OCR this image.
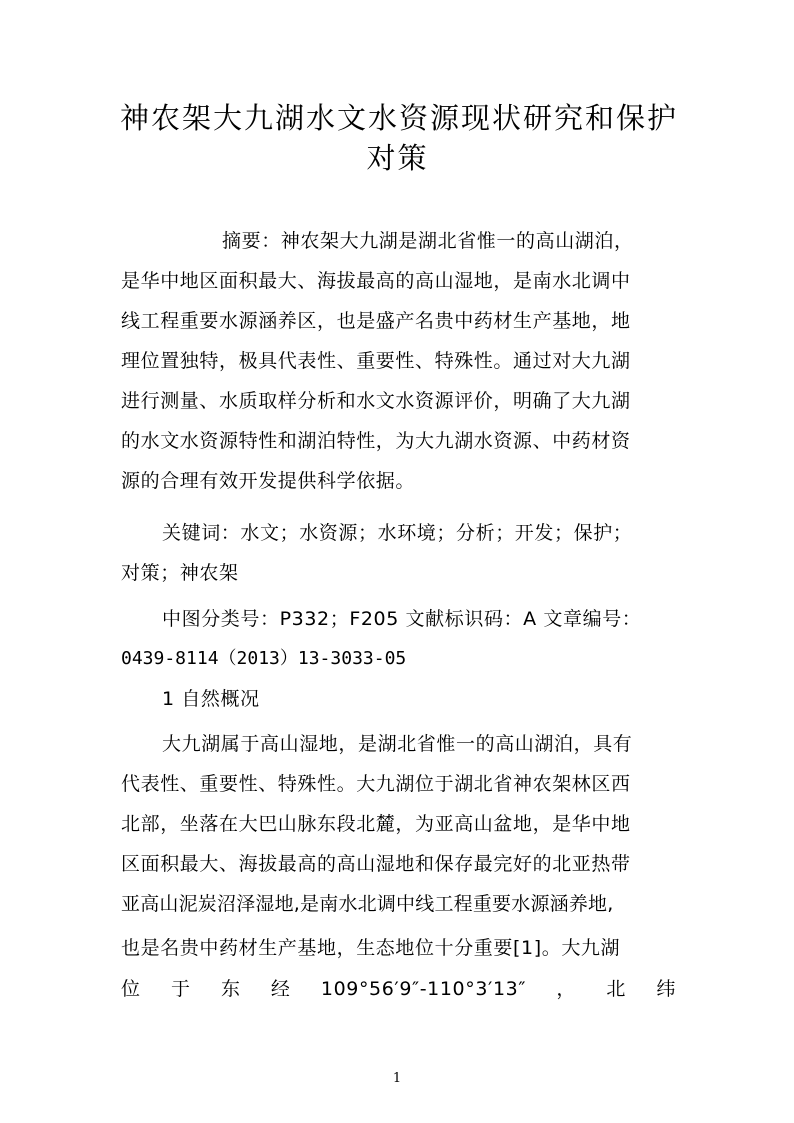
神农架大九湖水文水资源现状研究和保护
对策
摘要：神农架大九湖是湖北省惟一的高山湖泊，
是华中地区面积最大、海拔最高的高山湿地，是南水北调中
线工程重要水源涵养区，也是盛产名贵中药材生产基地，地
理位置独特，极具代表性、重要性、特殊性。通过对大九湖
进行测量、水质取样分析和水文水资源评价，明确了大九湖
的水文水资源特性和湖泊特性，为大九湖水资源、中药材资
源的合理有效开发提供科学依据。
关键词：水文；水资源；水环境；分析；开发；保护；
对策；神农架
中图分类号：P332；F205 文献标识码：A 文章编号：
0439-8114（2013）13-3033-05
1 自然概况
大九湖属于高山湿地，是湖北省惟一的高山湖泊，具有
代表性、重要性、特殊性。大九湖位于湖北省神农架林区西
北部，坐落在大巴山脉东段北麓，为亚高山盆地，是华中地
区面积最大、海拔最高的高山湿地和保存最完好的北亚热带
亚高山泥炭沼泽湿地,是南水北调中线工程重要水源涵养地,
也是名贵中药材生产基地，生态地位十分重要[1]。大九湖
位 于 东 经 109°56′9″-110°3′13″ ， 北 纬
1
